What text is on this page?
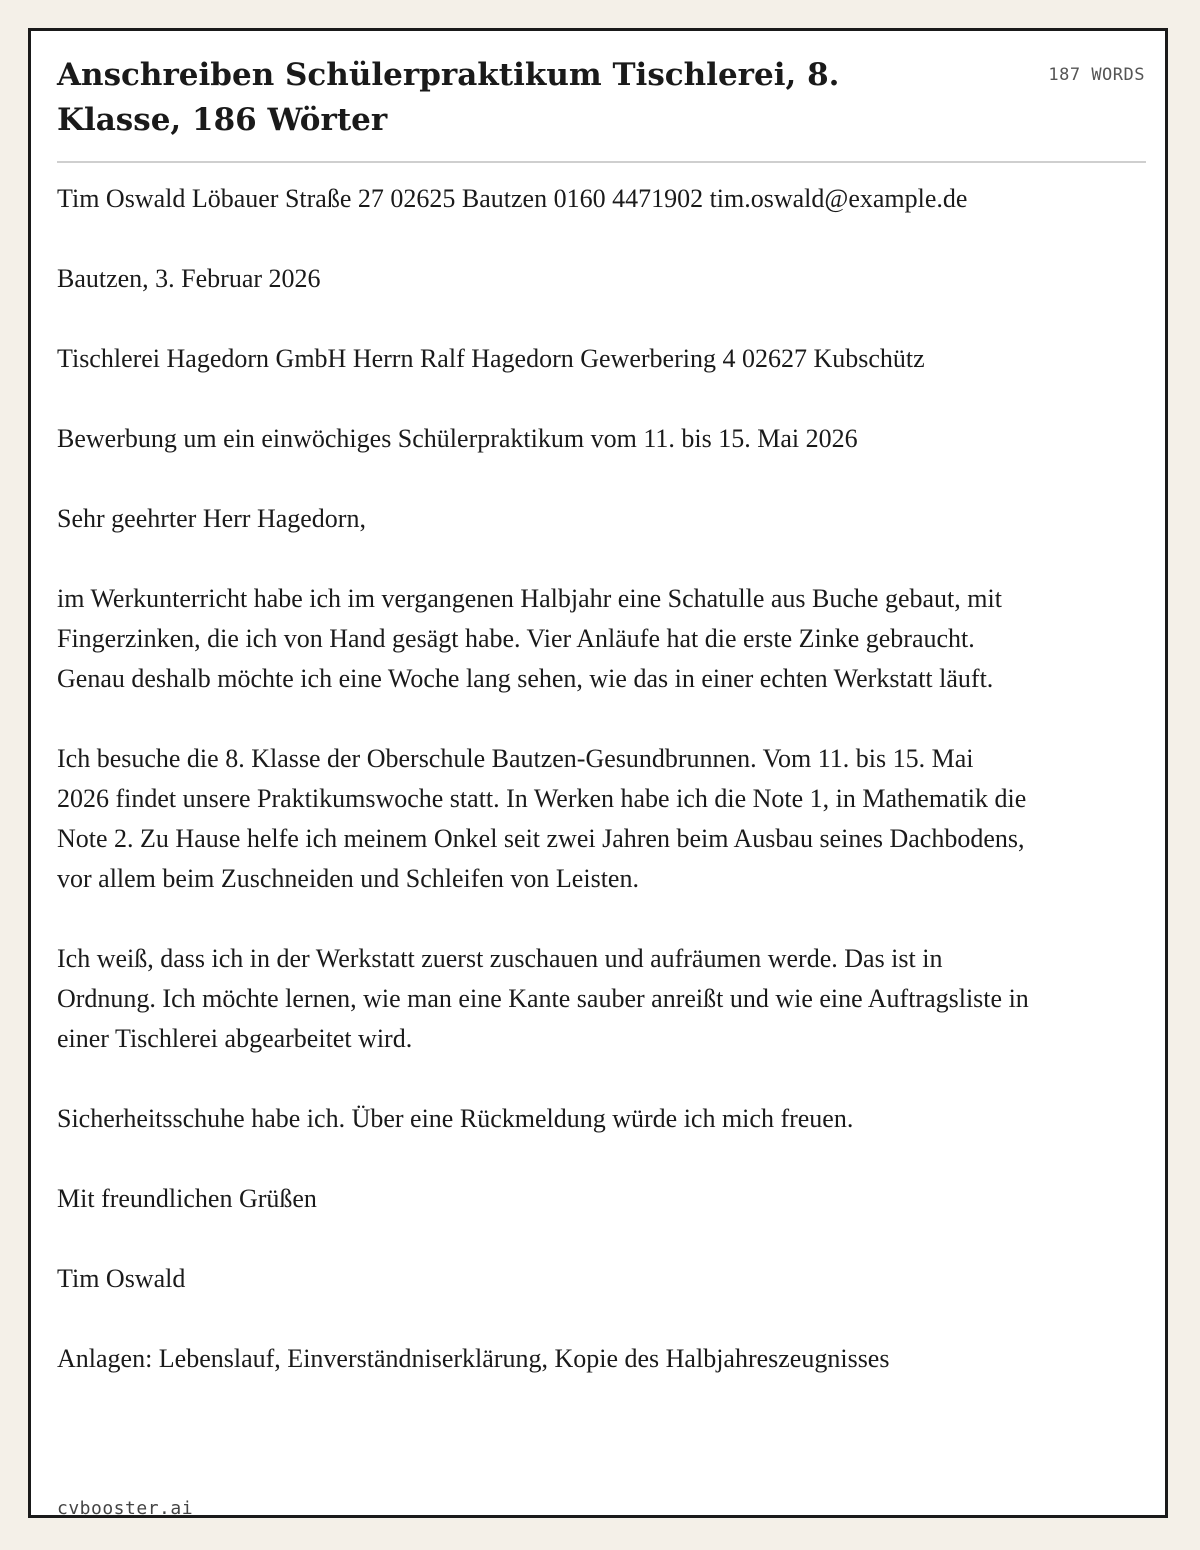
Anschreiben Schülerpraktikum Tischlerei, 8. Klasse, 186 Wörter
187 WORDS

Tim Oswald Löbauer Straße 27 02625 Bautzen 0160 4471902 tim.oswald@example.de

Bautzen, 3. Februar 2026

Tischlerei Hagedorn GmbH Herrn Ralf Hagedorn Gewerbering 4 02627 Kubschütz

Bewerbung um ein einwöchiges Schülerpraktikum vom 11. bis 15. Mai 2026

Sehr geehrter Herr Hagedorn,

im Werkunterricht habe ich im vergangenen Halbjahr eine Schatulle aus Buche gebaut, mit Fingerzinken, die ich von Hand gesägt habe. Vier Anläufe hat die erste Zinke gebraucht. Genau deshalb möchte ich eine Woche lang sehen, wie das in einer echten Werkstatt läuft.

Ich besuche die 8. Klasse der Oberschule Bautzen-Gesundbrunnen. Vom 11. bis 15. Mai 2026 findet unsere Praktikumswoche statt. In Werken habe ich die Note 1, in Mathematik die Note 2. Zu Hause helfe ich meinem Onkel seit zwei Jahren beim Ausbau seines Dachbodens, vor allem beim Zuschneiden und Schleifen von Leisten.

Ich weiß, dass ich in der Werkstatt zuerst zuschauen und aufräumen werde. Das ist in Ordnung. Ich möchte lernen, wie man eine Kante sauber anreißt und wie eine Auftragsliste in einer Tischlerei abgearbeitet wird.

Sicherheitsschuhe habe ich. Über eine Rückmeldung würde ich mich freuen.

Mit freundlichen Grüßen

Tim Oswald

Anlagen: Lebenslauf, Einverständniserklärung, Kopie des Halbjahreszeugnisses

cvbooster.ai
